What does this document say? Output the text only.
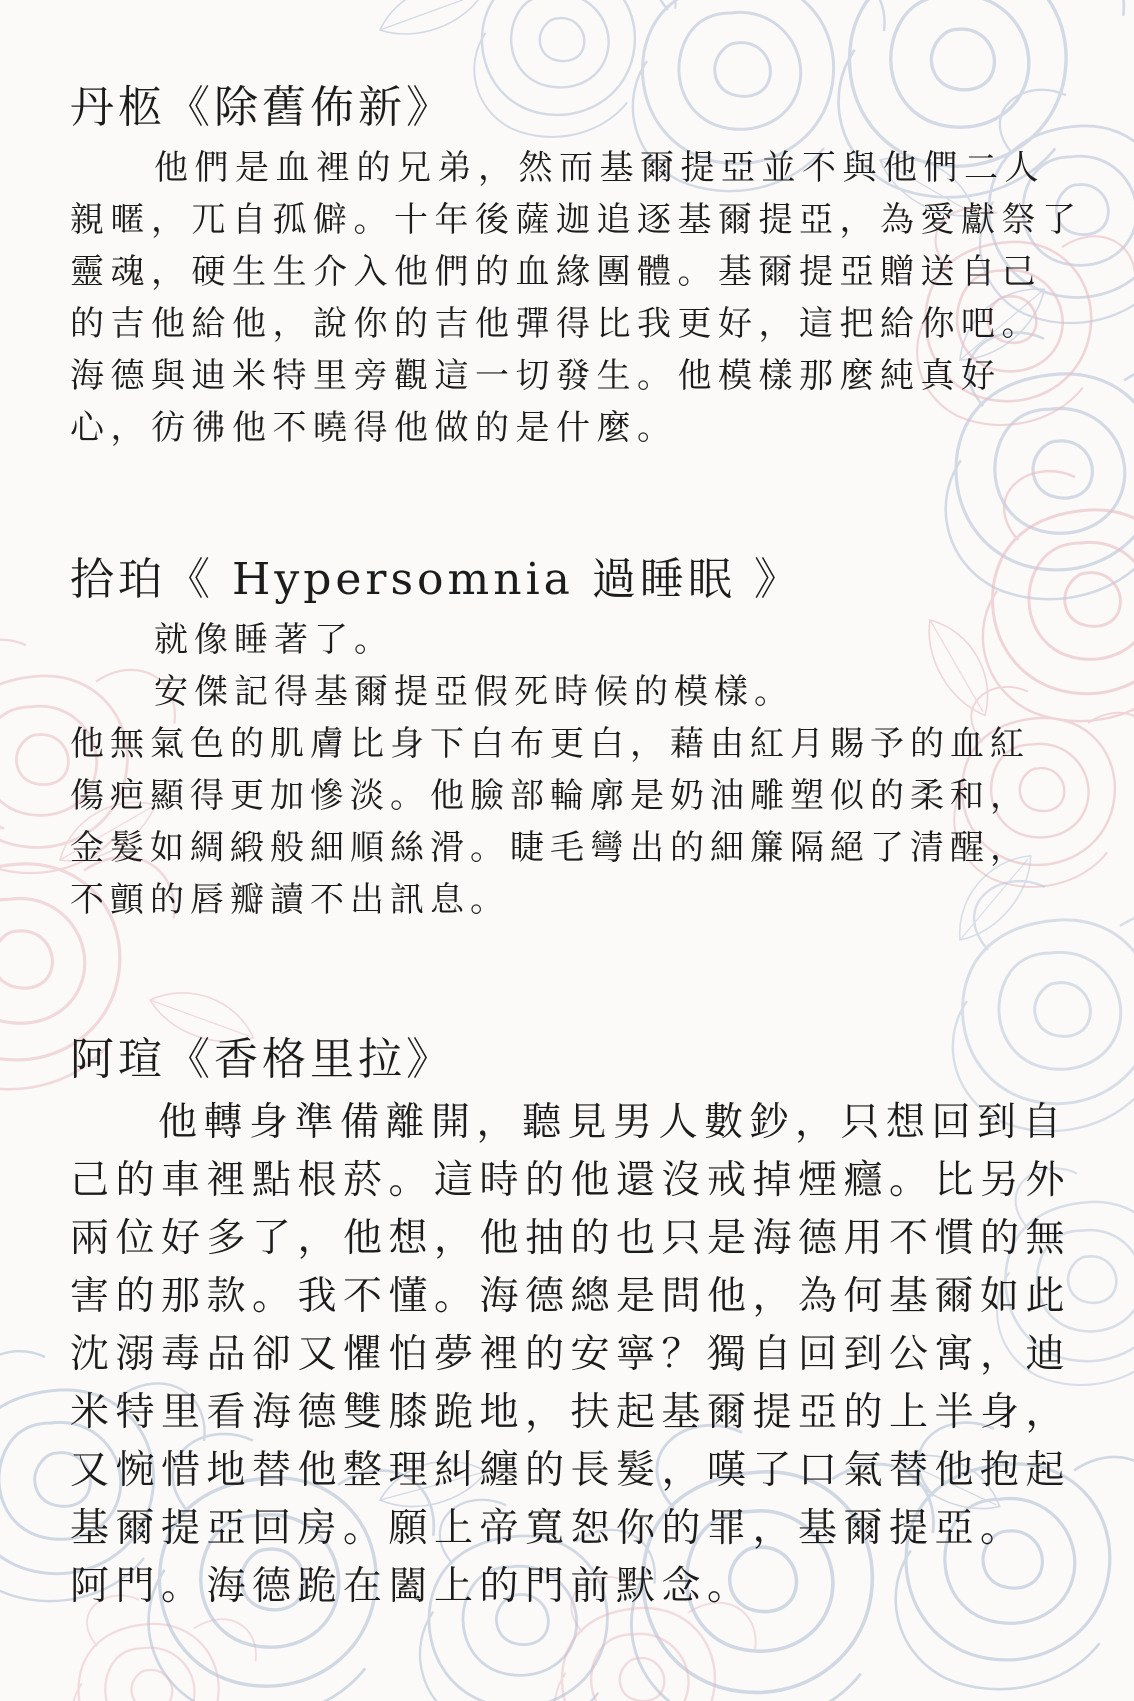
丹柩《除舊佈新》

他們是血裡的兄弟，然而基爾提亞並不與他們二人

親暱，兀自孤僻。十年後薩迦追逐基爾提亞，為愛獻祭了

靈魂，硬生生介入他們的血緣團體。基爾提亞贈送自己

的吉他給他，說你的吉他彈得比我更好，這把給你吧。

海德與迪米特里旁觀這一切發生。他模樣那麼純真好

心，彷彿他不曉得他做的是什麼。

拾珀《 Hypersomnia 過睡眠 》

就像睡著了。

安傑記得基爾提亞假死時候的模樣。

他無氣色的肌膚比身下白布更白，藉由紅月賜予的血紅

傷疤顯得更加慘淡。他臉部輪廓是奶油雕塑似的柔和，

金髮如綢緞般細順絲滑。睫毛彎出的細簾隔絕了清醒，

不顫的唇瓣讀不出訊息。

阿瑄《香格里拉》

他轉身準備離開，聽見男人數鈔，只想回到自

己的車裡點根菸。這時的他還沒戒掉煙癮。比另外

兩位好多了，他想，他抽的也只是海德用不慣的無

害的那款。我不懂。海德總是問他，為何基爾如此

沈溺毒品卻又懼怕夢裡的安寧？獨自回到公寓，迪

米特里看海德雙膝跪地，扶起基爾提亞的上半身，

又惋惜地替他整理糾纏的長髮，嘆了口氣替他抱起

基爾提亞回房。願上帝寬恕你的罪，基爾提亞。

阿門。海德跪在闔上的門前默念。
